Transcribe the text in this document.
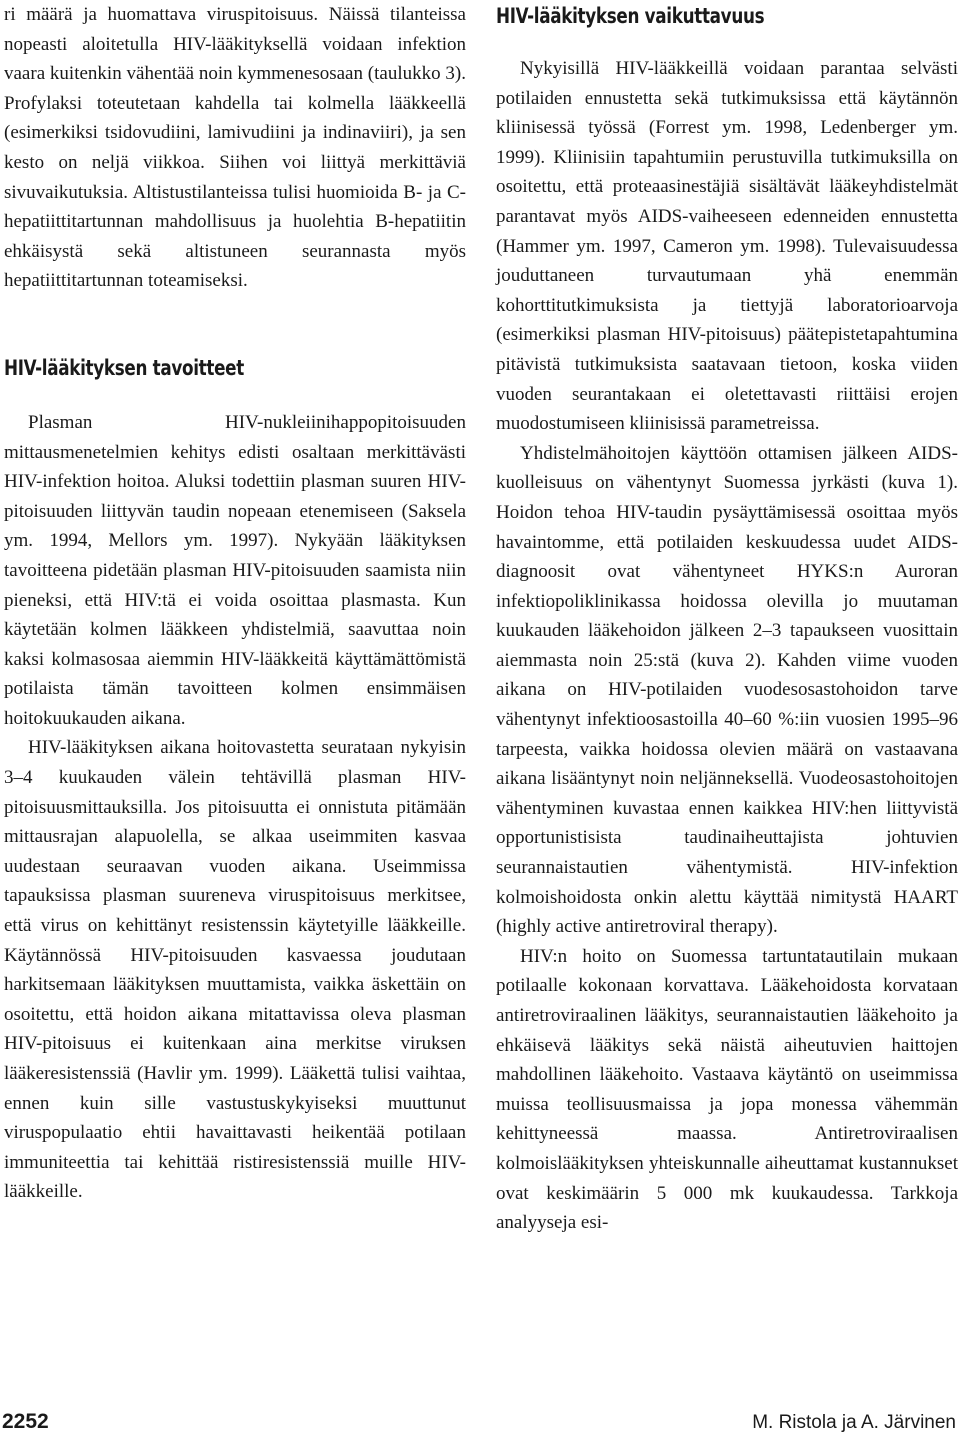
ri määrä ja huomattava viruspitoisuus. Näissä tilanteissa nopeasti aloitetulla HIV-lääkityksellä voidaan infektion vaara kuitenkin vähentää noin kymmenesosaan (taulukko 3). Profylaksi toteutetaan kahdella tai kolmella lääkkeellä (esimerkiksi tsidovudiini, lamivudiini ja indinaviiri), ja sen kesto on neljä viikkoa. Siihen voi liittyä merkittäviä sivuvaikutuksia. Altistustilanteissa tulisi huomioida B- ja C-hepatiittitartunnan mahdollisuus ja huolehtia B-hepatiitin ehkäisystä sekä altistuneen seurannasta myös hepatiittitartunnan toteamiseksi.

HIV-lääkityksen tavoitteet

Plasman HIV-nukleiinihappopitoisuuden mittausmenetelmien kehitys edisti osaltaan merkittävästi HIV-infektion hoitoa. Aluksi todettiin plasman suuren HIV-pitoisuuden liittyvän taudin nopeaan etenemiseen (Saksela ym. 1994, Mellors ym. 1997). Nykyään lääkityksen tavoitteena pidetään plasman HIV-pitoisuuden saamista niin pieneksi, että HIV:tä ei voida osoittaa plasmasta. Kun käytetään kolmen lääkkeen yhdistelmiä, saavuttaa noin kaksi kolmasosaa aiemmin HIV-lääkkeitä käyttämättömistä potilaista tämän tavoitteen kolmen ensimmäisen hoitokuukauden aikana.

HIV-lääkityksen aikana hoitovastetta seurataan nykyisin 3–4 kuukauden välein tehtävillä plasman HIV-pitoisuusmittauksilla. Jos pitoisuutta ei onnistuta pitämään mittausrajan alapuolella, se alkaa useimmiten kasvaa uudestaan seuraavan vuoden aikana. Useimmissa tapauksissa plasman suureneva viruspitoisuus merkitsee, että virus on kehittänyt resistenssin käytetyille lääkkeille. Käytännössä HIV-pitoisuuden kasvaessa joudutaan harkitsemaan lääkityksen muuttamista, vaikka äskettäin on osoitettu, että hoidon aikana mitattavissa oleva plasman HIV-pitoisuus ei kuitenkaan aina merkitse viruksen lääkeresistenssiä (Havlir ym. 1999). Lääkettä tulisi vaihtaa, ennen kuin sille vastustuskykyiseksi muuttunut viruspopulaatio ehtii havaittavasti heikentää potilaan immuniteettia tai kehittää ristiresistenssiä muille HIV-lääkkeille.

HIV-lääkityksen vaikuttavuus

Nykyisillä HIV-lääkkeillä voidaan parantaa selvästi potilaiden ennustetta sekä tutkimuksissa että käytännön kliinisessä työssä (Forrest ym. 1998, Ledenberger ym. 1999). Kliinisiin tapahtumiin perustuvilla tutkimuksilla on osoitettu, että proteaasinestäjiä sisältävät lääkeyhdistelmät parantavat myös AIDS-vaiheeseen edenneiden ennustetta (Hammer ym. 1997, Cameron ym. 1998). Tulevaisuudessa jouduttaneen turvautumaan yhä enemmän kohorttitutkimuksista ja tiettyjä laboratorioarvoja (esimerkiksi plasman HIV-pitoisuus) päätepistetapahtumina pitävistä tutkimuksista saatavaan tietoon, koska viiden vuoden seurantakaan ei oletettavasti riittäisi erojen muodostumiseen kliinisissä parametreissa.

Yhdistelmähoitojen käyttöön ottamisen jälkeen AIDS-kuolleisuus on vähentynyt Suomessa jyrkästi (kuva 1). Hoidon tehoa HIV-taudin pysäyttämisessä osoittaa myös havaintomme, että potilaiden keskuudessa uudet AIDS-diagnoosit ovat vähentyneet HYKS:n Auroran infektiopoliklinikassa hoidossa olevilla jo muutaman kuukauden lääkehoidon jälkeen 2–3 tapaukseen vuosittain aiemmasta noin 25:stä (kuva 2). Kahden viime vuoden aikana on HIV-potilaiden vuodesosastohoidon tarve vähentynyt infektioosastoilla 40–60 %:iin vuosien 1995–96 tarpeesta, vaikka hoidossa olevien määrä on vastaavana aikana lisääntynyt noin neljänneksellä. Vuodeosastohoitojen vähentyminen kuvastaa ennen kaikkea HIV:hen liittyvistä opportunistisista taudinaiheuttajista johtuvien seurannaistautien vähentymistä. HIV-infektion kolmoishoidosta onkin alettu käyttää nimitystä HAART (highly active antiretroviral therapy).

HIV:n hoito on Suomessa tartuntatautilain mukaan potilaalle kokonaan korvattava. Lääkehoidosta korvataan antiretroviraalinen lääkitys, seurannaistautien lääkehoito ja ehkäisevä lääkitys sekä näistä aiheutuvien haittojen mahdollinen lääkehoito. Vastaava käytäntö on useimmissa muissa teollisuusmaissa ja jopa monessa vähemmän kehittyneessä maassa. Antiretroviraalisen kolmoislääkityksen yhteiskunnalle aiheuttamat kustannukset ovat keskimäärin 5 000 mk kuukaudessa. Tarkkoja analyyseja esi-

2252	M. Ristola ja A. Järvinen
